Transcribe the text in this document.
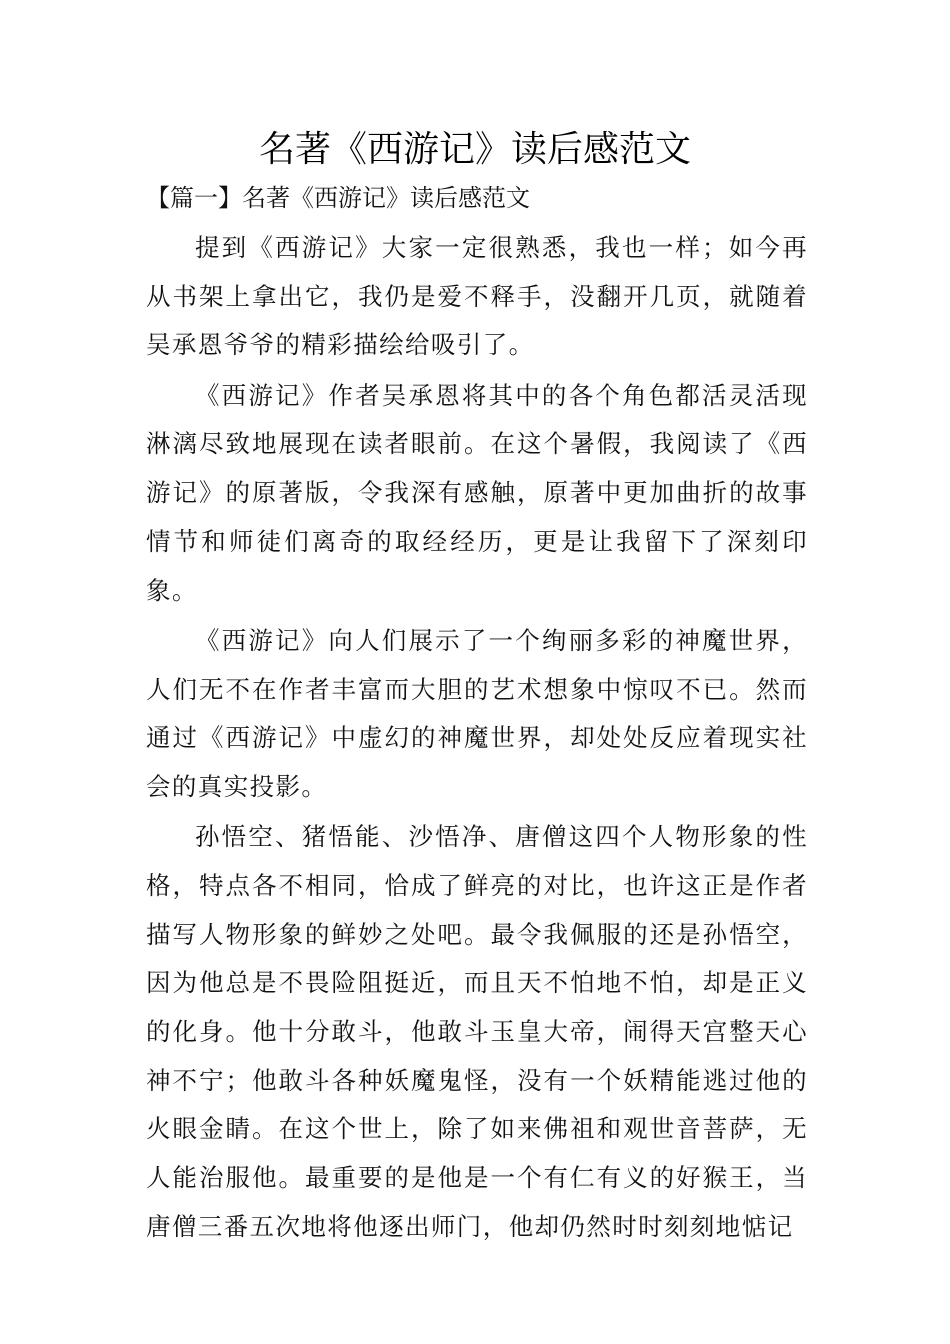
名著《西游记》读后感范文
【篇一】名著《西游记》读后感范文

提到《西游记》大家一定很熟悉，我也一样；如今再从书架上拿出它，我仍是爱不释手，没翻开几页，就随着吴承恩爷爷的精彩描绘给吸引了。

《西游记》作者吴承恩将其中的各个角色都活灵活现淋漓尽致地展现在读者眼前。在这个暑假，我阅读了《西游记》的原著版，令我深有感触，原著中更加曲折的故事情节和师徒们离奇的取经经历，更是让我留下了深刻印象。

《西游记》向人们展示了一个绚丽多彩的神魔世界，人们无不在作者丰富而大胆的艺术想象中惊叹不已。然而通过《西游记》中虚幻的神魔世界，却处处反应着现实社会的真实投影。

孙悟空、猪悟能、沙悟净、唐僧这四个人物形象的性格，特点各不相同，恰成了鲜亮的对比，也许这正是作者描写人物形象的鲜妙之处吧。最令我佩服的还是孙悟空，因为他总是不畏险阻挺近，而且天不怕地不怕，却是正义的化身。他十分敢斗，他敢斗玉皇大帝，闹得天宫整天心神不宁；他敢斗各种妖魔鬼怪，没有一个妖精能逃过他的火眼金睛。在这个世上，除了如来佛祖和观世音菩萨，无人能治服他。最重要的是他是一个有仁有义的好猴王，当唐僧三番五次地将他逐出师门，他却仍然时时刻刻地惦记
